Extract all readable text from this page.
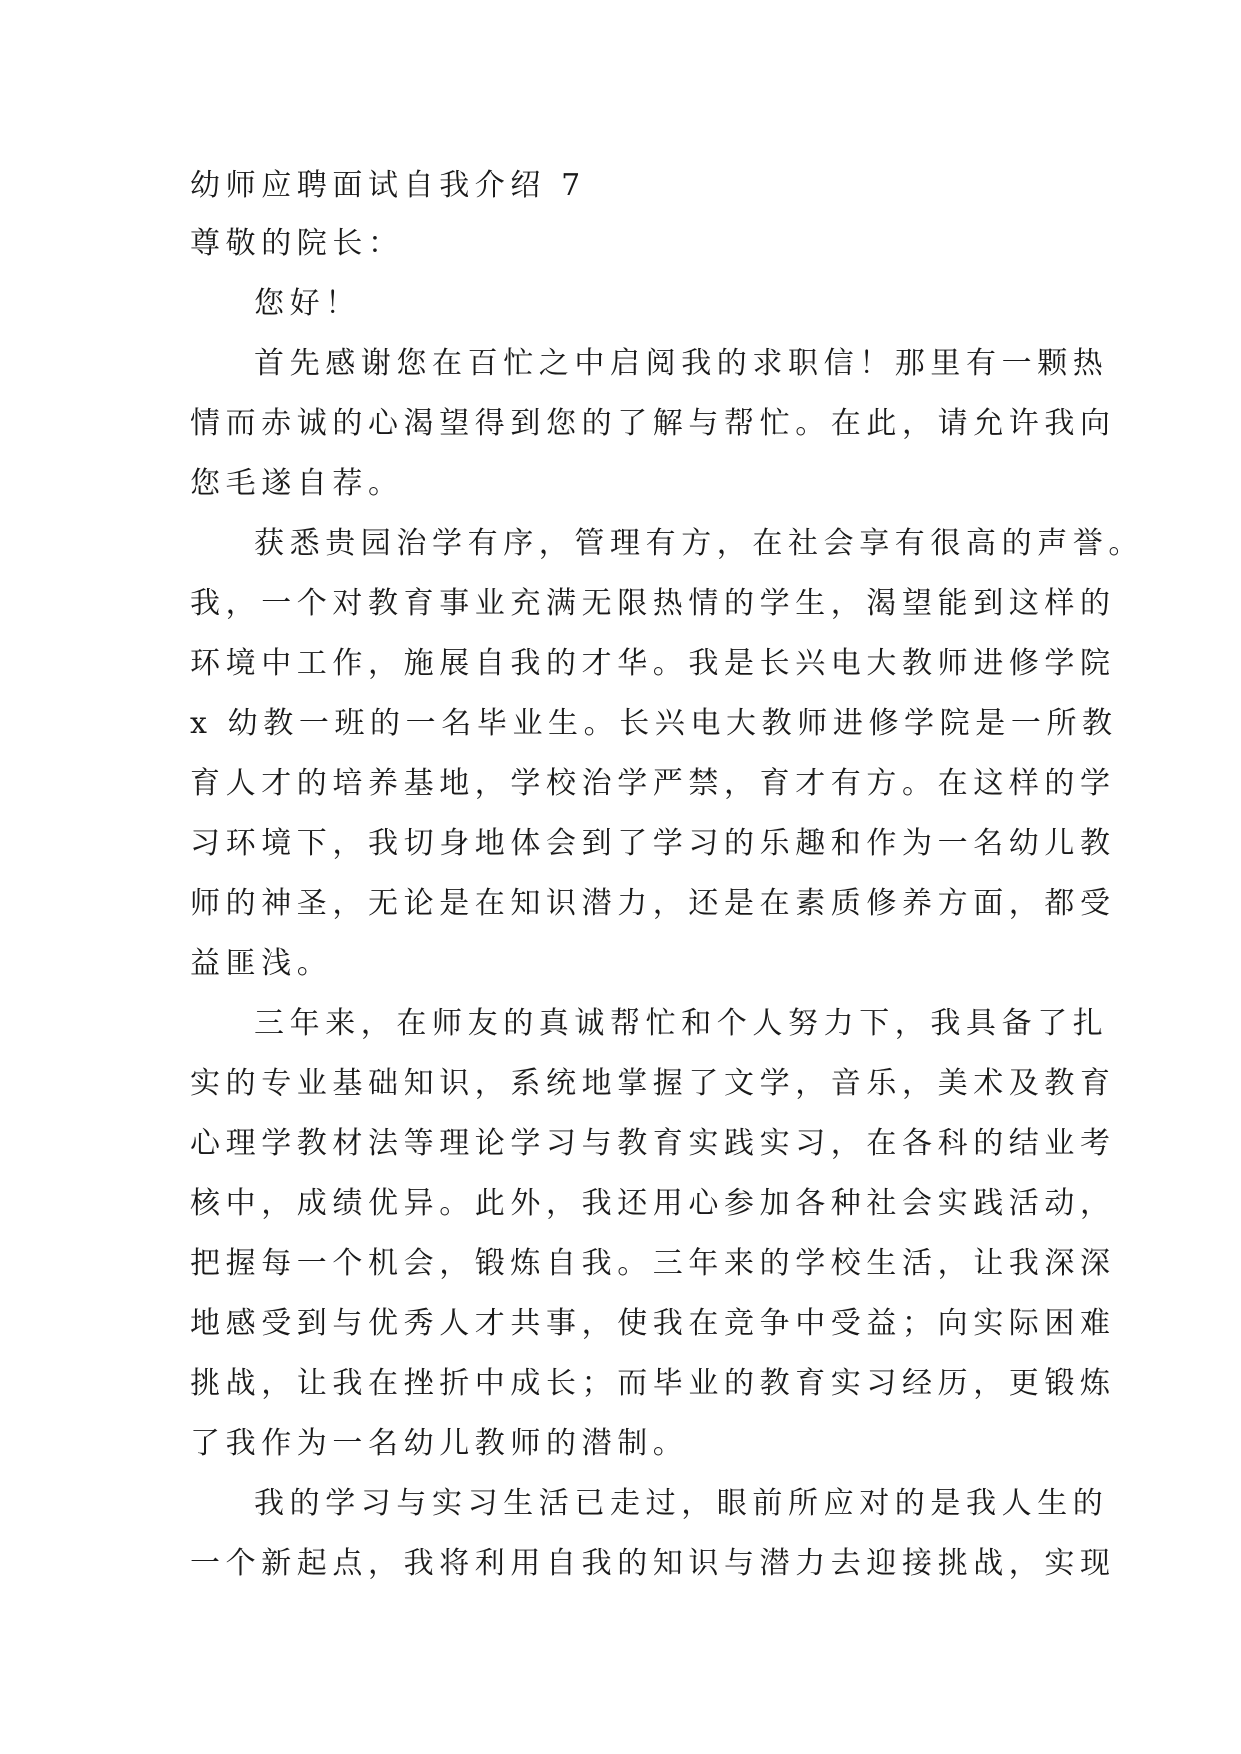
幼师应聘面试自我介绍 7
尊敬的院长：
您好！
首先感谢您在百忙之中启阅我的求职信！那里有一颗热
情而赤诚的心渴望得到您的了解与帮忙。在此，请允许我向
您毛遂自荐。
获悉贵园治学有序，管理有方，在社会享有很高的声誉。
我，一个对教育事业充满无限热情的学生，渴望能到这样的
环境中工作，施展自我的才华。我是长兴电大教师进修学院
x 幼教一班的一名毕业生。长兴电大教师进修学院是一所教
育人才的培养基地，学校治学严禁，育才有方。在这样的学
习环境下，我切身地体会到了学习的乐趣和作为一名幼儿教
师的神圣，无论是在知识潜力，还是在素质修养方面，都受
益匪浅。
三年来，在师友的真诚帮忙和个人努力下，我具备了扎
实的专业基础知识，系统地掌握了文学，音乐，美术及教育
心理学教材法等理论学习与教育实践实习，在各科的结业考
核中，成绩优异。此外，我还用心参加各种社会实践活动，
把握每一个机会，锻炼自我。三年来的学校生活，让我深深
地感受到与优秀人才共事，使我在竞争中受益；向实际困难
挑战，让我在挫折中成长；而毕业的教育实习经历，更锻炼
了我作为一名幼儿教师的潜制。
我的学习与实习生活已走过，眼前所应对的是我人生的
一个新起点，我将利用自我的知识与潜力去迎接挑战，实现
